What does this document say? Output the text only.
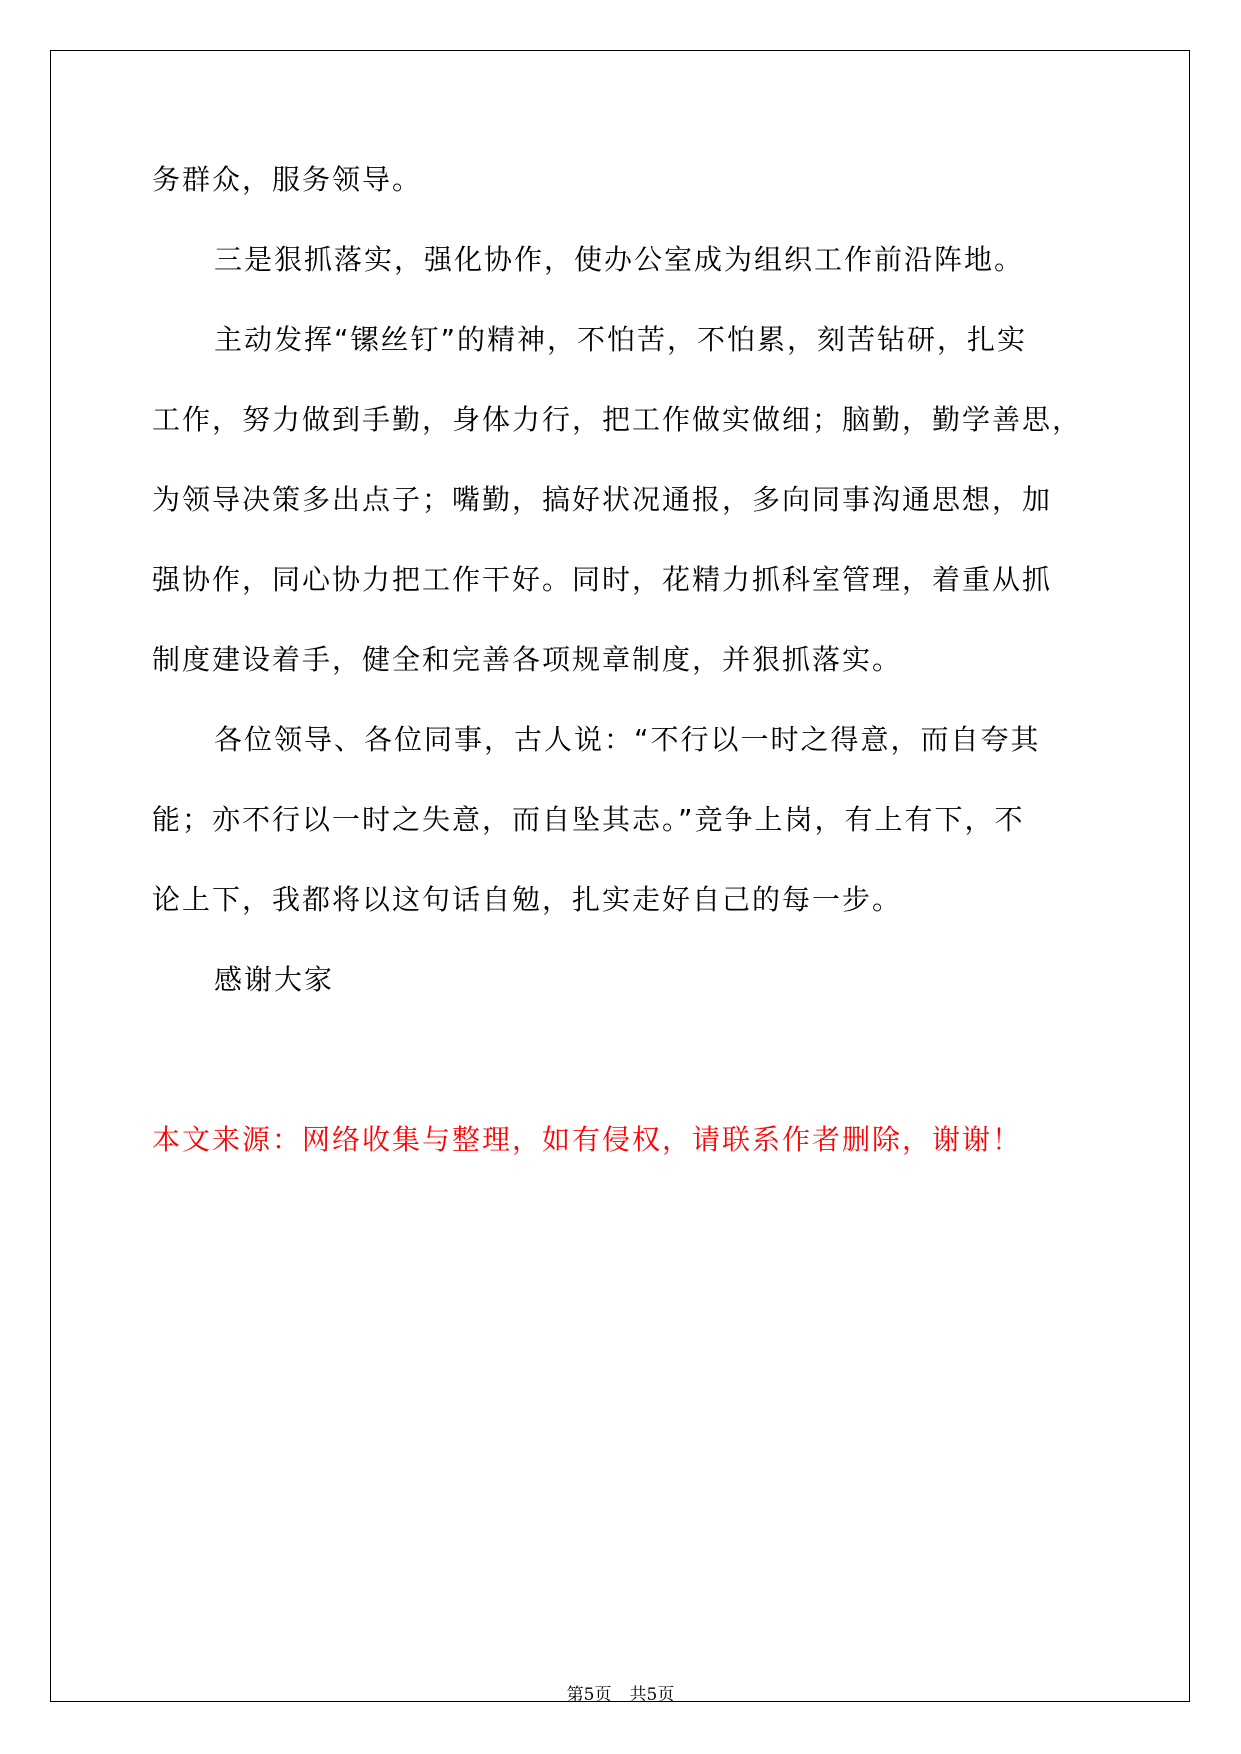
务群众，服务领导。
三是狠抓落实，强化协作，使办公室成为组织工作前沿阵地。
主动发挥“镙丝钉”的精神，不怕苦，不怕累，刻苦钻研，扎实
工作，努力做到手勤，身体力行，把工作做实做细；脑勤，勤学善思，
为领导决策多出点子；嘴勤，搞好状况通报，多向同事沟通思想，加
强协作，同心协力把工作干好。同时，花精力抓科室管理，着重从抓
制度建设着手，健全和完善各项规章制度，并狠抓落实。
各位领导、各位同事，古人说：“不行以一时之得意，而自夸其
能；亦不行以一时之失意，而自坠其志。”竞争上岗，有上有下，不
论上下，我都将以这句话自勉，扎实走好自己的每一步。
感谢大家
本文来源：网络收集与整理，如有侵权，请联系作者删除，谢谢！
第5页 共5页
